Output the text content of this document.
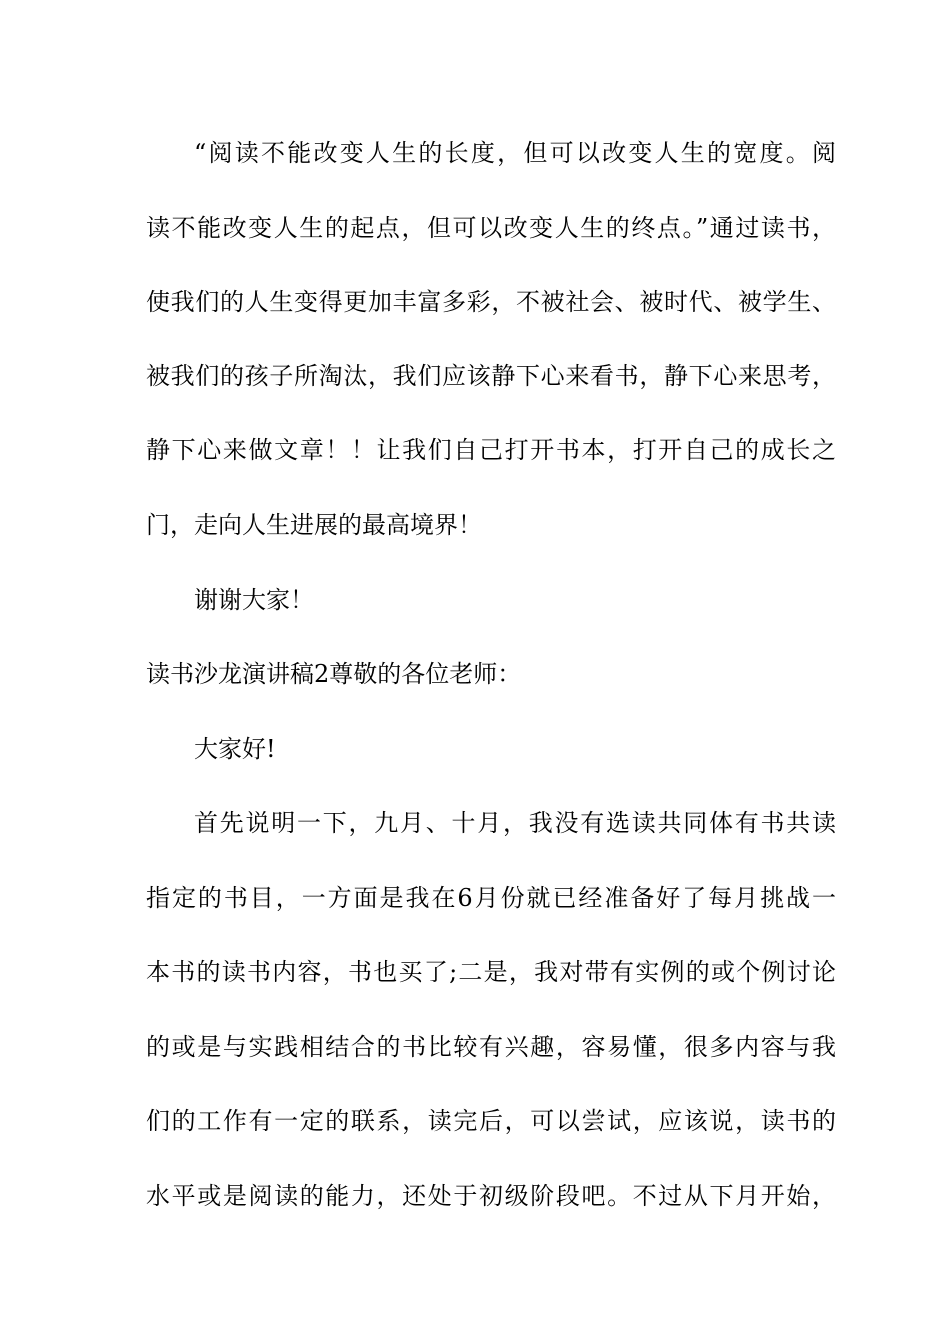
“阅读不能改变人生的长度，但可以改变人生的宽度。阅
读不能改变人生的起点，但可以改变人生的终点。”通过读书，
使我们的人生变得更加丰富多彩，不被社会、被时代、被学生、
被我们的孩子所淘汰，我们应该静下心来看书，静下心来思考，
静下心来做文章！！让我们自己打开书本，打开自己的成长之
门，走向人生进展的最高境界！
谢谢大家！
读书沙龙演讲稿2尊敬的各位老师：
大家好!
首先说明一下，九月、十月，我没有选读共同体有书共读
指定的书目，一方面是我在6月份就已经准备好了每月挑战一
本书的读书内容，书也买了;二是，我对带有实例的或个例讨论
的或是与实践相结合的书比较有兴趣，容易懂，很多内容与我
们的工作有一定的联系，读完后，可以尝试，应该说，读书的
水平或是阅读的能力，还处于初级阶段吧。不过从下月开始，
